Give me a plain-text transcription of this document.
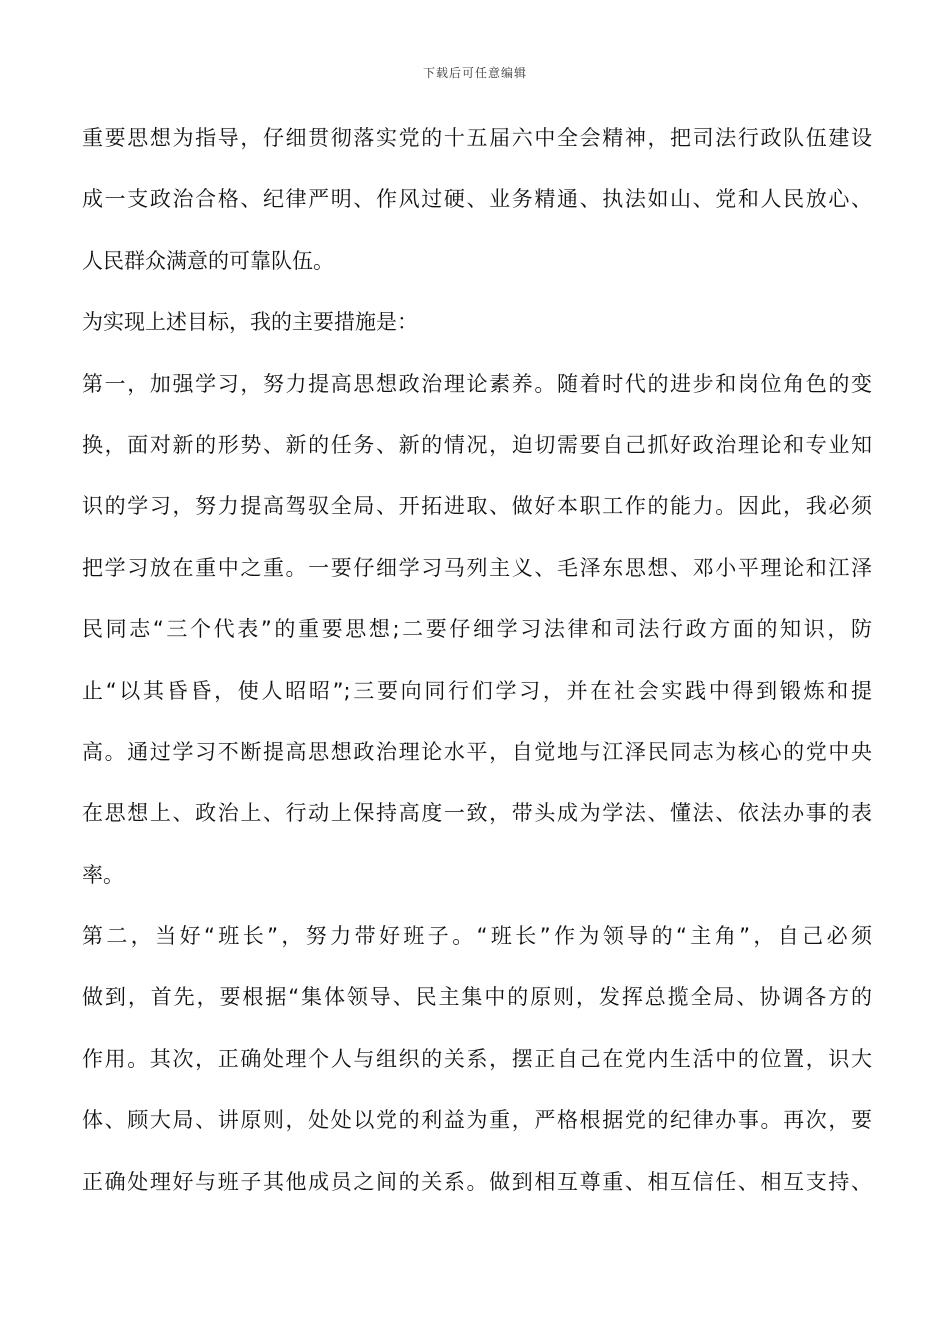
下载后可任意编辑
重要思想为指导，仔细贯彻落实党的十五届六中全会精神，把司法行政队伍建设
成一支政治合格、纪律严明、作风过硬、业务精通、执法如山、党和人民放心、
人民群众满意的可靠队伍。
为实现上述目标，我的主要措施是：
第一，加强学习，努力提高思想政治理论素养。随着时代的进步和岗位角色的变
换，面对新的形势、新的任务、新的情况，迫切需要自己抓好政治理论和专业知
识的学习，努力提高驾驭全局、开拓进取、做好本职工作的能力。因此，我必须
把学习放在重中之重。一要仔细学习马列主义、毛泽东思想、邓小平理论和江泽
民同志“三个代表”的重要思想;二要仔细学习法律和司法行政方面的知识，防
止“以其昏昏，使人昭昭”;三要向同行们学习，并在社会实践中得到锻炼和提
高。通过学习不断提高思想政治理论水平，自觉地与江泽民同志为核心的党中央
在思想上、政治上、行动上保持高度一致，带头成为学法、懂法、依法办事的表
率。
第二，当好“班长”，努力带好班子。“班长”作为领导的“主角”，自己必须
做到，首先，要根据“集体领导、民主集中的原则，发挥总揽全局、协调各方的
作用。其次，正确处理个人与组织的关系，摆正自己在党内生活中的位置，识大
体、顾大局、讲原则，处处以党的利益为重，严格根据党的纪律办事。再次，要
正确处理好与班子其他成员之间的关系。做到相互尊重、相互信任、相互支持、
